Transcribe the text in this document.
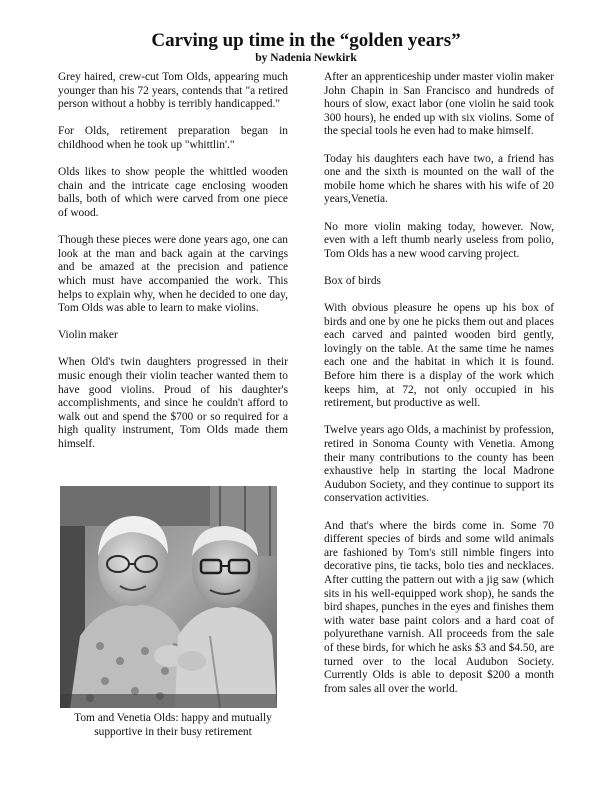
Carving up time in the “golden years”
by Nadenia Newkirk

Grey haired, crew-cut Tom Olds, appearing much younger than his 72 years, contends that "a retired person without a hobby is terribly handicapped."

For Olds, retirement preparation began in childhood when he took up "whittlin'."

Olds likes to show people the whittled wooden chain and the intricate cage enclosing wooden balls, both of which were carved from one piece of wood.

Though these pieces were done years ago, one can look at the man and back again at the carvings and be amazed at the precision and patience which must have accompanied the work. This helps to explain why, when he decided to one day, Tom Olds was able to learn to make violins.

Violin maker

When Old's twin daughters progressed in their music enough their violin teacher wanted them to have good violins. Proud of his daughter's accomplishments, and since he couldn't afford to walk out and spend the $700 or so required for a high quality instrument, Tom Olds made them himself.

Tom and Venetia Olds: happy and mutually supportive in their busy retirement

After an apprenticeship under master violin maker John Chapin in San Francisco and hundreds of hours of slow, exact labor (one violin he said took 300 hours), he ended up with six violins. Some of the special tools he even had to make himself.

Today his daughters each have two, a friend has one and the sixth is mounted on the wall of the mobile home which he shares with his wife of 20 years,Venetia.

No more violin making today, however. Now, even with a left thumb nearly useless from polio, Tom Olds has a new wood carving project.

Box of birds

With obvious pleasure he opens up his box of birds and one by one he picks them out and places each carved and painted wooden bird gently, lovingly on the table. At the same time he names each one and the habitat in which it is found. Before him there is a display of the work which keeps him, at 72, not only occupied in his retirement, but productive as well.

Twelve years ago Olds, a machinist by profession, retired in Sonoma County with Venetia. Among their many contributions to the county has been exhaustive help in starting the local Madrone Audubon Society, and they continue to support its conservation activities.

And that's where the birds come in. Some 70 different species of birds and some wild animals are fashioned by Tom's still nimble fingers into decorative pins, tie tacks, bolo ties and necklaces. After cutting the pattern out with a jig saw (which sits in his well-equipped work shop), he sands the bird shapes, punches in the eyes and finishes them with water base paint colors and a hard coat of polyurethane varnish. All proceeds from the sale of these birds, for which he asks $3 and $4.50, are turned over to the local Audubon Society. Currently Olds is able to deposit $200 a month from sales all over the world.
